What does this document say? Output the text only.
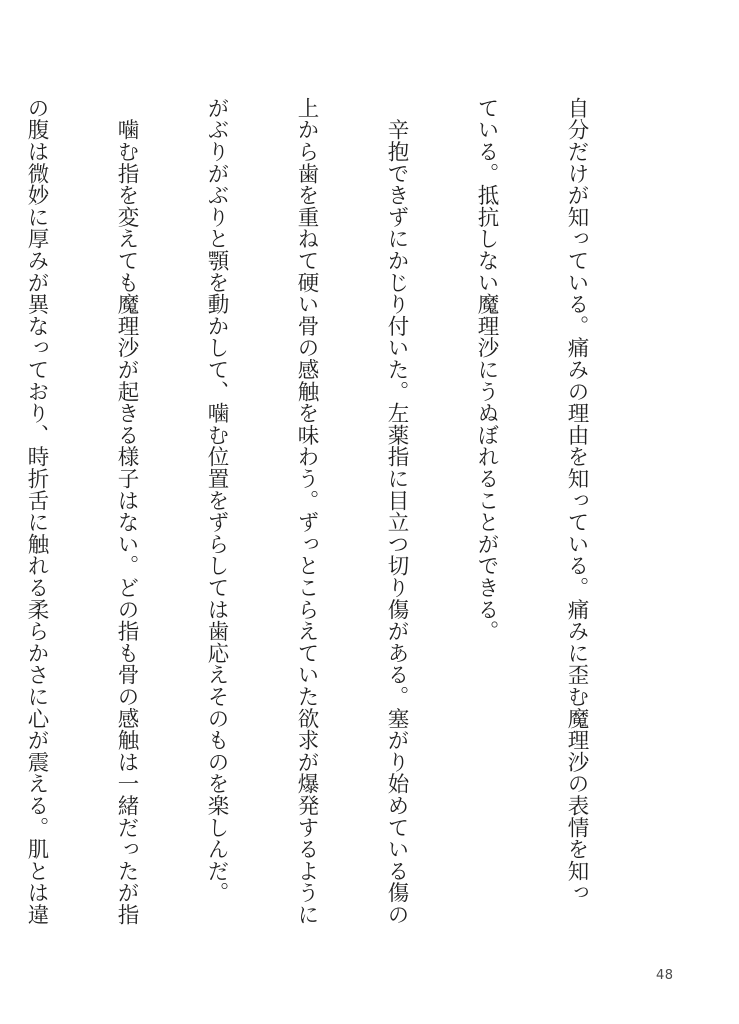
自分だけが知っている。痛みの理由を知っている。痛みに歪む魔理沙の表情を知っ

ている。抵抗しない魔理沙にうぬぼれることができる。

　辛抱できずにかじり付いた。左薬指に目立つ切り傷がある。塞がり始めている傷の

上から歯を重ねて硬い骨の感触を味わう。ずっとこらえていた欲求が爆発するように

がぶりがぶりと顎を動かして、噛む位置をずらしては歯応えそのものを楽しんだ。

　噛む指を変えても魔理沙が起きる様子はない。どの指も骨の感触は一緒だったが指

の腹は微妙に厚みが異なっており、時折舌に触れる柔らかさに心が震える。肌とは違

48
